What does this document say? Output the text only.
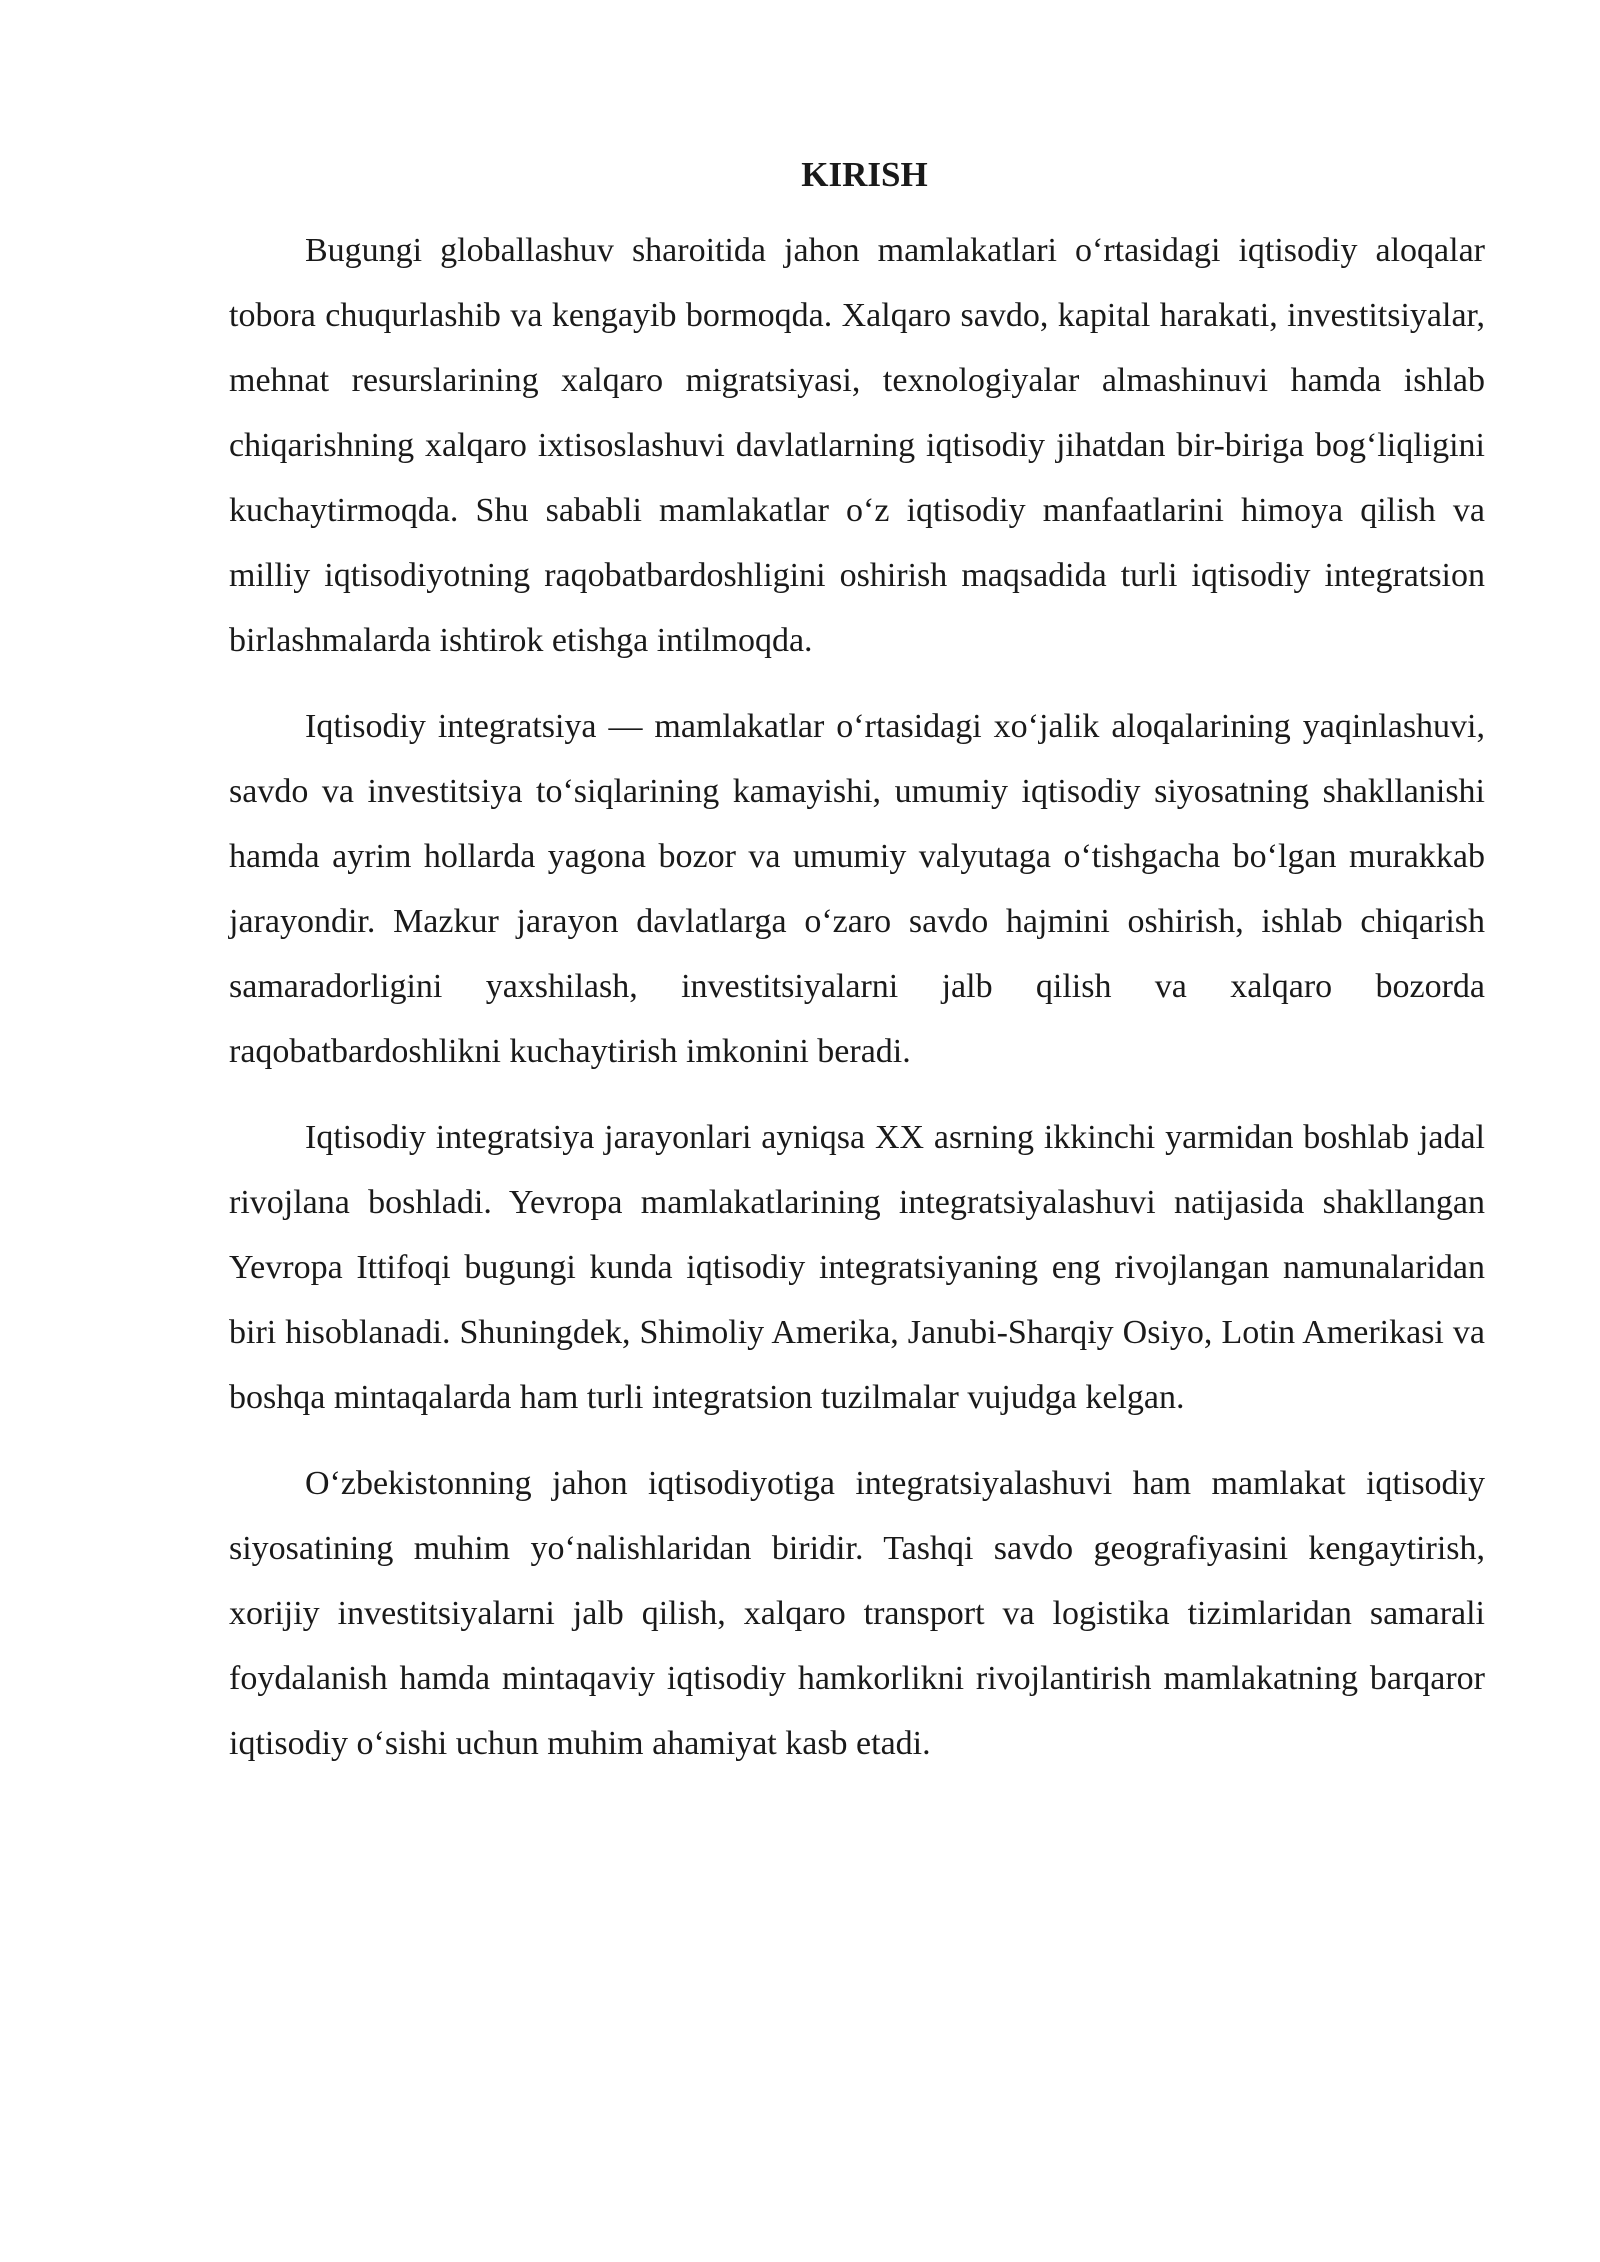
KIRISH

Bugungi globallashuv sharoitida jahon mamlakatlari o‘rtasidagi iqtisodiy aloqalar tobora chuqurlashib va kengayib bormoqda. Xalqaro savdo, kapital harakati, investitsiyalar, mehnat resurslarining xalqaro migratsiyasi, texnologiyalar almashinuvi hamda ishlab chiqarishning xalqaro ixtisoslashuvi davlatlarning iqtisodiy jihatdan bir-biriga bog‘liqligini kuchaytirmoqda. Shu sababli mamlakatlar o‘z iqtisodiy manfaatlarini himoya qilish va milliy iqtisodiyotning raqobatbardoshligini oshirish maqsadida turli iqtisodiy integratsion birlashmalarda ishtirok etishga intilmoqda.

Iqtisodiy integratsiya — mamlakatlar o‘rtasidagi xo‘jalik aloqalarining yaqinlashuvi, savdo va investitsiya to‘siqlarining kamayishi, umumiy iqtisodiy siyosatning shakllanishi hamda ayrim hollarda yagona bozor va umumiy valyutaga o‘tishgacha bo‘lgan murakkab jarayondir. Mazkur jarayon davlatlarga o‘zaro savdo hajmini oshirish, ishlab chiqarish samaradorligini yaxshilash, investitsiyalarni jalb qilish va xalqaro bozorda raqobatbardoshlikni kuchaytirish imkonini beradi.

Iqtisodiy integratsiya jarayonlari ayniqsa XX asrning ikkinchi yarmidan boshlab jadal rivojlana boshladi. Yevropa mamlakatlarining integratsiyalashuvi natijasida shakllangan Yevropa Ittifoqi bugungi kunda iqtisodiy integratsiyaning eng rivojlangan namunalaridan biri hisoblanadi. Shuningdek, Shimoliy Amerika, Janubi-Sharqiy Osiyo, Lotin Amerikasi va boshqa mintaqalarda ham turli integratsion tuzilmalar vujudga kelgan.

O‘zbekistonning jahon iqtisodiyotiga integratsiyalashuvi ham mamlakat iqtisodiy siyosatining muhim yo‘nalishlaridan biridir. Tashqi savdo geografiyasini kengaytirish, xorijiy investitsiyalarni jalb qilish, xalqaro transport va logistika tizimlaridan samarali foydalanish hamda mintaqaviy iqtisodiy hamkorlikni rivojlantirish mamlakatning barqaror iqtisodiy o‘sishi uchun muhim ahamiyat kasb etadi.
